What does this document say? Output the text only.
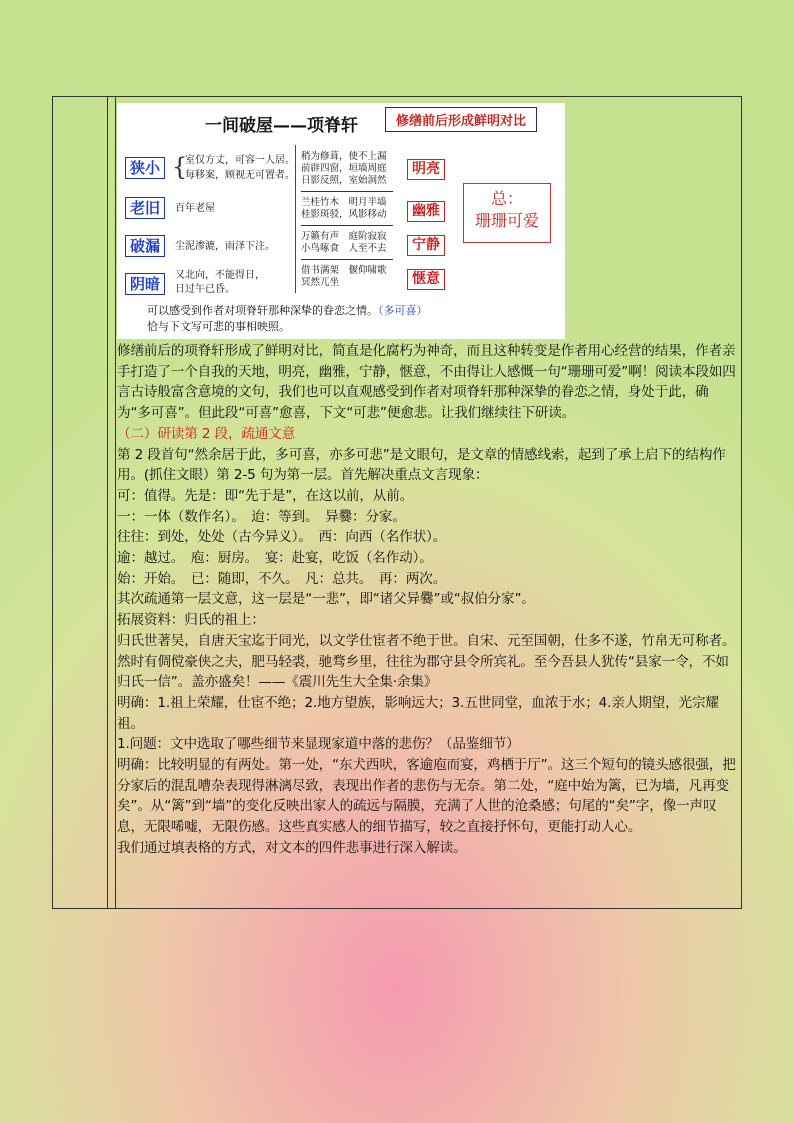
一间破屋——项脊轩	修缮前后形成鲜明对比
狭小
老旧
破漏
阴暗
{
室仅方丈，可容一人居。
每移案，顾视无可置者。
百年老屋
尘泥渗漉，雨泽下注。
又北向，不能得日，
日过午已昏。
稍为修葺，使不上漏
前辟四窗，垣墙周庭
日影反照，室始洞然
兰桂竹木　明月半墙
桂影斑驳，风影移动
万籁有声　庭阶寂寂
小鸟啄食　人至不去
借书满架　偃仰啸歌
冥然兀坐
明亮
幽雅
宁静
惬意
总：
珊珊可爱
可以感受到作者对项脊轩那种深挚的眷恋之情。（多可喜）
恰与下文写可悲的事相映照。

修缮前后的项脊轩形成了鲜明对比，简直是化腐朽为神奇，而且这种转变是作者用心经营的结果，作者亲手打造了一个自我的天地，明亮，幽雅，宁静，惬意，不由得让人感慨一句“珊珊可爱”啊！阅读本段如四言古诗般富含意境的文句，我们也可以直观感受到作者对项脊轩那种深挚的眷恋之情，身处于此，确为“多可喜”。但此段“可喜”愈喜，下文“可悲”便愈悲。让我们继续往下研读。

（二）研读第 2 段，疏通文意

第 2 段首句“然余居于此，多可喜，亦多可悲”是文眼句，是文章的情感线索，起到了承上启下的结构作用。(抓住文眼）第 2-5 句为第一层。首先解决重点文言现象：

可：值得。先是：即“先于是”，在这以前，从前。

一：一体（数作名）。　迨：等到。　异爨：分家。

往往：到处，处处（古今异义）。　西：向西（名作状）。

逾：越过。　庖：厨房。　宴：赴宴，吃饭（名作动）。

始：开始。　已：随即，不久。　凡：总共。　再：两次。

其次疏通第一层文意，这一层是“一悲”，即“诸父异爨”或“叔伯分家”。

拓展资料：归氏的祖上：

归氏世著吴，自唐天宝迄于同光，以文学仕宦者不绝于世。自宋、元至国朝，仕多不遂，竹帛无可称者。然时有倜傥豪侠之夫，肥马轻裘，驰骛乡里，往往为郡守县令所宾礼。至今吾县人犹传“县家一令，不如归氏一信”。盖亦盛矣！——《震川先生大全集·余集》

明确：1.祖上荣耀，仕宦不绝；2.地方望族，影响远大；3.五世同堂，血浓于水；4.亲人期望，光宗耀祖。

1.问题：文中选取了哪些细节来显现家道中落的悲伤？（品鉴细节）

明确：比较明显的有两处。第一处，“东犬西吠，客逾庖而宴，鸡栖于厅”。这三个短句的镜头感很强，把分家后的混乱嘈杂表现得淋漓尽致，表现出作者的悲伤与无奈。第二处，“庭中始为篱，已为墙，凡再变矣”。从“篱”到“墙”的变化反映出家人的疏远与隔膜，充满了人世的沧桑感；句尾的“矣”字，像一声叹息，无限唏嘘，无限伤感。这些真实感人的细节描写，较之直接抒怀句，更能打动人心。

我们通过填表格的方式，对文本的四件悲事进行深入解读。
